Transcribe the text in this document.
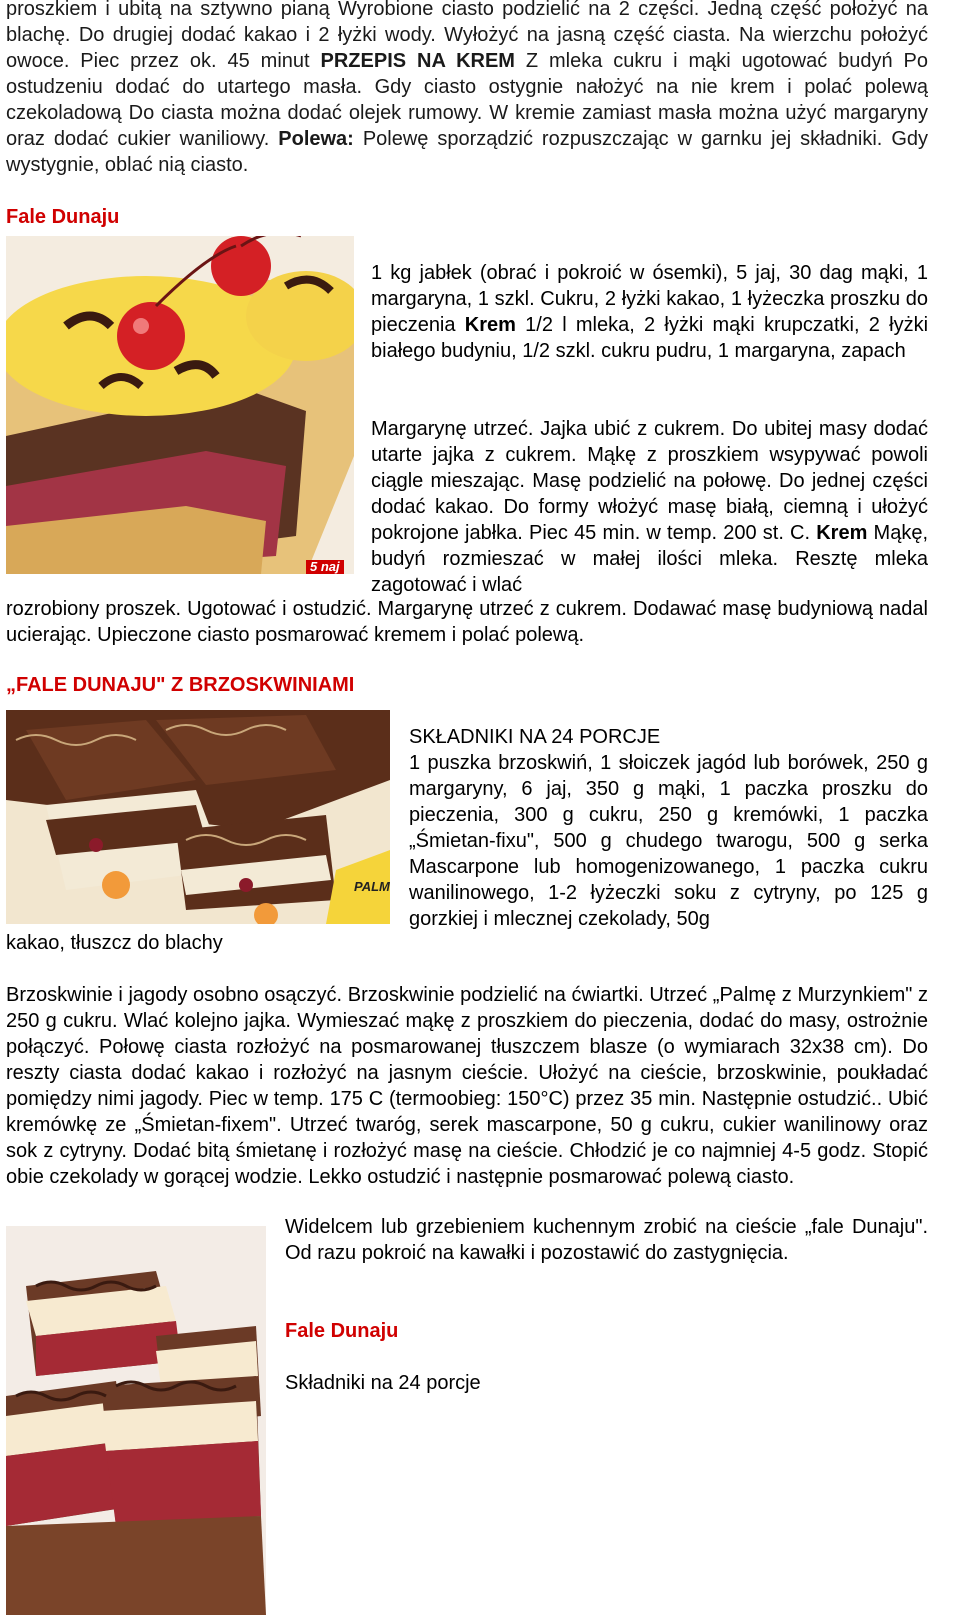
proszkiem i ubitą na sztywno pianą Wyrobione ciasto podzielić na 2 części. Jedną część położyć na blachę. Do drugiej dodać kakao i 2 łyżki wody. Wyłożyć na jasną część ciasta. Na wierzchu położyć owoce. Piec przez ok. 45 minut PRZEPIS NA KREM Z mleka cukru i mąki ugotować budyń Po ostudzeniu dodać do utartego masła. Gdy ciasto ostygnie nałożyć na nie krem i polać polewą czekoladową Do ciasta można dodać olejek rumowy. W kremie zamiast masła można użyć margaryny oraz dodać cukier waniliowy. Polewa: Polewę sporządzić rozpuszczając w garnku jej składniki. Gdy wystygnie, oblać nią ciasto.

Fale Dunaju

5 naj

1 kg jabłek (obrać i pokroić w ósemki), 5 jaj, 30 dag mąki, 1 margaryna, 1 szkl. Cukru, 2 łyżki kakao, 1 łyżeczka proszku do pieczenia Krem 1/2 l mleka, 2 łyżki mąki krupczatki, 2 łyżki białego budyniu, 1/2 szkl. cukru pudru, 1 margaryna, zapach

Margarynę utrzeć. Jajka ubić z cukrem. Do ubitej masy dodać utarte jajka z cukrem. Mąkę z proszkiem wsypywać powoli ciągle mieszając. Masę podzielić na połowę. Do jednej części dodać kakao. Do formy włożyć masę białą, ciemną i ułożyć pokrojone jabłka. Piec 45 min. w temp. 200 st. C. Krem Mąkę, budyń rozmieszać w małej ilości mleka. Resztę mleka zagotować i wlać

rozrobiony proszek. Ugotować i ostudzić. Margarynę utrzeć z cukrem. Dodawać masę budyniową nadal ucierając. Upieczone ciasto posmarować kremem i polać polewą.

„FALE DUNAJU" Z BRZOSKWINIAMI

PALM

SKŁADNIKI NA 24 PORCJE

1 puszka brzoskwiń, 1 słoiczek jagód lub borówek, 250 g margaryny, 6 jaj, 350 g mąki, 1 paczka proszku do pieczenia, 300 g cukru, 250 g kremówki, 1 paczka „Śmietan-fixu", 500 g chudego twarogu, 500 g serka Mascarpone lub homogenizowanego, 1 paczka cukru wanilinowego, 1-2 łyżeczki soku z cytryny, po 125 g gorzkiej i mlecznej czekolady, 50g

kakao, tłuszcz do blachy

Brzoskwinie i jagody osobno osączyć. Brzoskwinie podzielić na ćwiartki. Utrzeć „Palmę z Murzynkiem" z 250 g cukru. Wlać kolejno jajka. Wymieszać mąkę z proszkiem do pieczenia, dodać do masy, ostrożnie połączyć. Połowę ciasta rozłożyć na posmarowanej tłuszczem blasze (o wymiarach 32x38 cm). Do reszty ciasta dodać kakao i rozłożyć na jasnym cieście. Ułożyć na cieście, brzoskwinie, poukładać pomiędzy nimi jagody. Piec w temp. 175 C (termoobieg: 150°C) przez 35 min. Następnie ostudzić.. Ubić kremówkę ze „Śmietan-fixem". Utrzeć twaróg, serek mascarpone, 50 g cukru, cukier wanilinowy oraz sok z cytryny. Dodać bitą śmietanę i rozłożyć masę na cieście. Chłodzić je co najmniej 4-5 godz. Stopić obie czekolady w gorącej wodzie. Lekko ostudzić i następnie posmarować polewą ciasto.

Widelcem lub grzebieniem kuchennym zrobić na cieście „fale Dunaju". Od razu pokroić na kawałki i pozostawić do zastygnięcia.

Fale Dunaju

Składniki na 24 porcje
